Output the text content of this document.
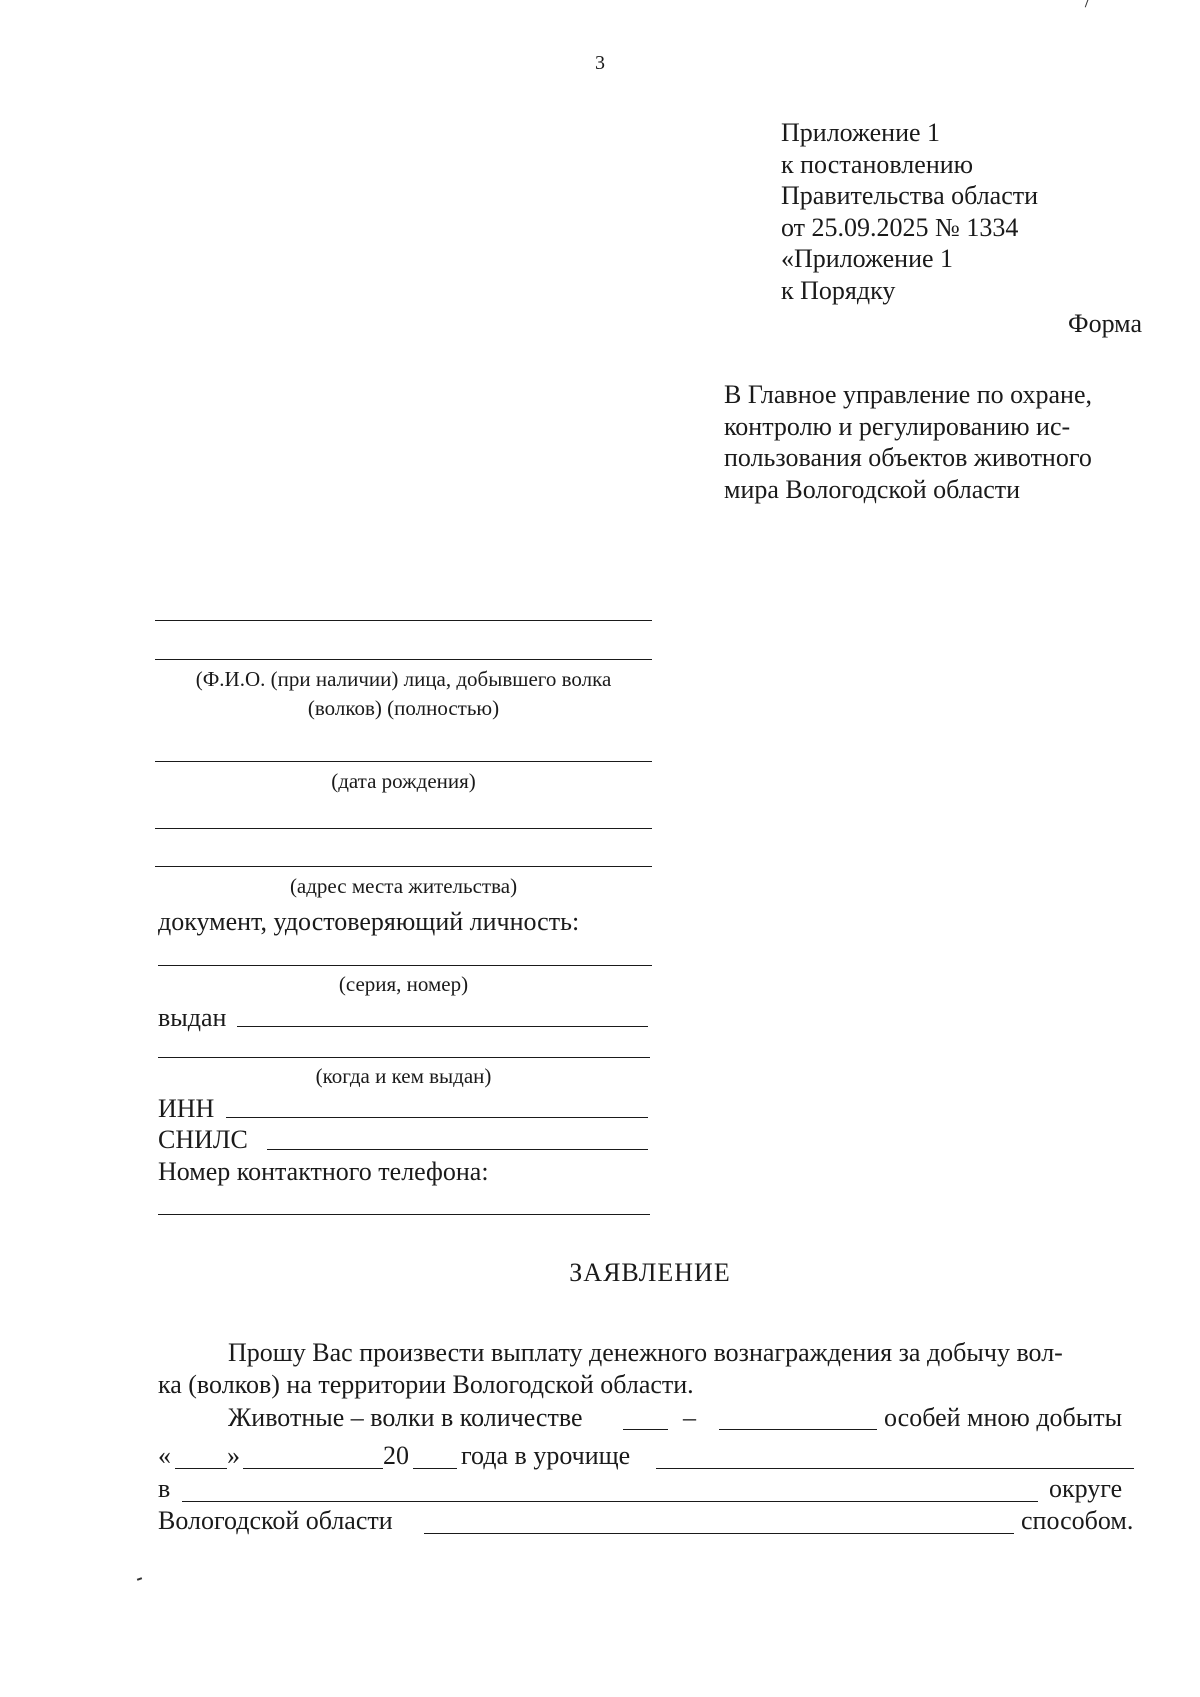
3
Приложение 1
к постановлению
Правительства области
от 25.09.2025 № 1334
«Приложение 1
к Порядку
Форма
В Главное управление по охране,
контролю и регулированию ис-
пользования объектов животного
мира Вологодской области
(Ф.И.О. (при наличии) лица, добывшего волка
(волков) (полностью)
(дата рождения)
(адрес места жительства)
документ, удостоверяющий личность:
(серия, номер)
выдан
(когда и кем выдан)
ИНН
СНИЛС
Номер контактного телефона:
ЗАЯВЛЕНИЕ
Прошу Вас произвести выплату денежного вознаграждения за добычу вол-
ка (волков) на территории Вологодской области.
Животные – волки в количестве	–	особей мною добыты
« »	20 года в урочище
в	округе
Вологодской области	способом.
